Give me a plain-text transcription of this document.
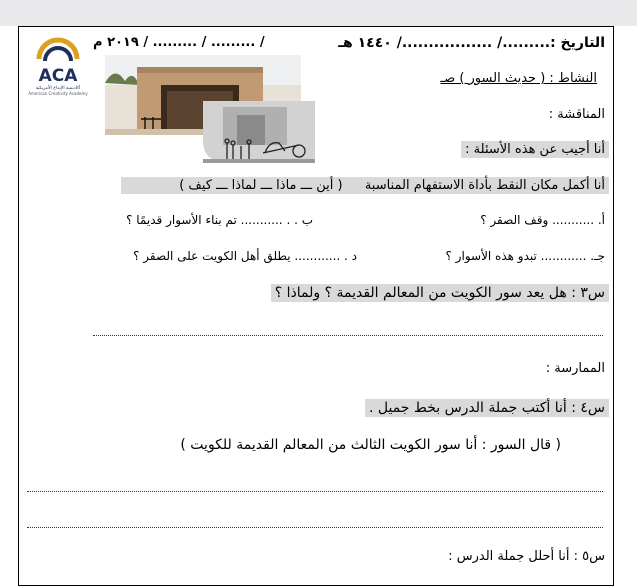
ACA
أكاديمية الإبداع الأمريكية
American Creativity Academy
التاريخ :........./ ................./ ١٤٤٠ هـ
/ ......... / ......... / ٢٠١٩ م
النشاط : ( حديث السور ) صـ
المناقشة :
أنا أجيب عن هذه الأسئلة :
أنا أكمل مكان النقط بأداة الاستفهام المناسبة  ( أين ـــ ماذا ـــ لماذا ـــ كيف )
أ. ........... وقف الصقر ؟
ب . . ........... تم بناء الأسوار قديمًا ؟
جـ. ............ تبدو هذه الأسوار ؟
د . ............ يطلق أهل الكويت على الصقر ؟
س٣ : هل يعد سور الكويت من المعالم القديمة ؟ ولماذا ؟
الممارسة :
س٤ : أنا أكتب جملة الدرس بخط جميل .
( قال السور : أنا سور الكويت الثالث من المعالم القديمة للكويت )
س٥ : أنا أحلل جملة الدرس :
